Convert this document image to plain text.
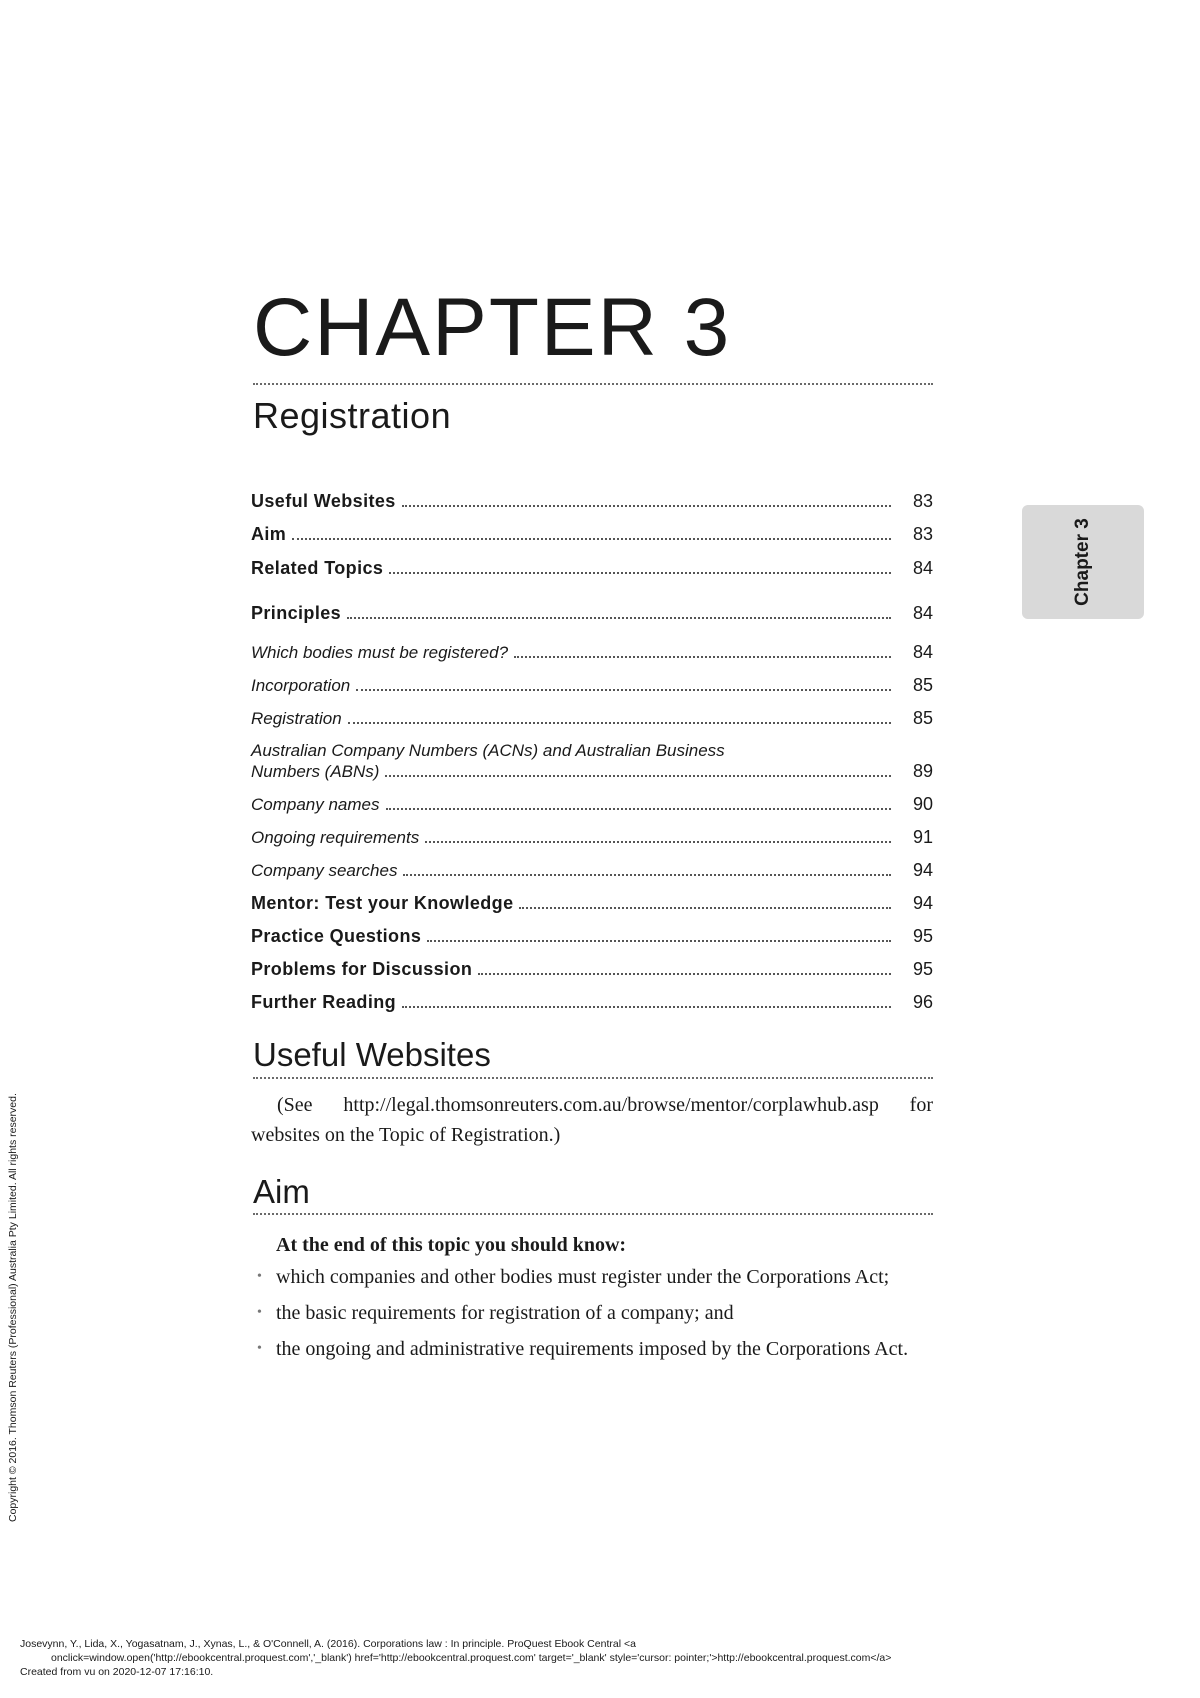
CHAPTER 3
Registration
Chapter 3
Useful Websites	83
Aim	83
Related Topics	84
Principles	84
Which bodies must be registered?	84
Incorporation	85
Registration	85
Australian Company Numbers (ACNs) and Australian Business
Numbers (ABNs)	89
Company names	90
Ongoing requirements	91
Company searches	94
Mentor: Test your Knowledge	94
Practice Questions	95
Problems for Discussion	95
Further Reading	96
Useful Websites

(See http://legal.thomsonreuters.com.au/browse/mentor/corplawhub.asp for websites on the Topic of Registration.)

Aim

At the end of this topic you should know:

• which companies and other bodies must register under the Corporations Act;
• the basic requirements for registration of a company; and
• the ongoing and administrative requirements imposed by the Corporations Act.
Copyright © 2016. Thomson Reuters (Professional) Australia Pty Limited. All rights reserved.
Josevynn, Y., Lida, X., Yogasatnam, J., Xynas, L., & O'Connell, A. (2016). Corporations law : In principle. ProQuest Ebook Central <a
onclick=window.open('http://ebookcentral.proquest.com','_blank') href='http://ebookcentral.proquest.com' target='_blank' style='cursor: pointer;'>http://ebookcentral.proquest.com</a>
Created from vu on 2020-12-07 17:16:10.
